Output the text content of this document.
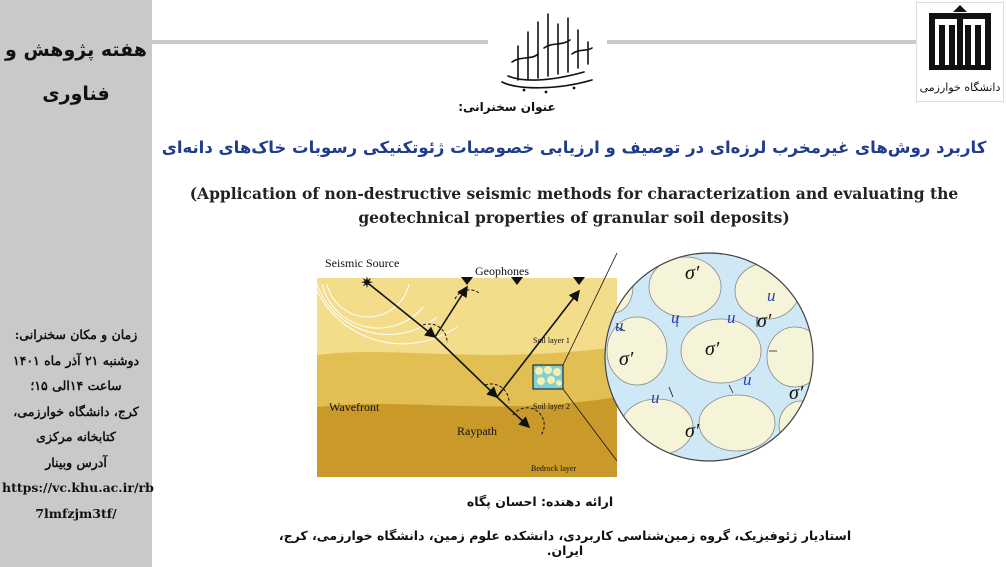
هفته پژوهش و فناوری
زمان و مکان سخنرانی:
دوشنبه ۲۱ آذر ماه ۱۴۰۱
ساعت ۱۴الی ۱۵؛
کرج، دانشگاه خوارزمی،
کتابخانه مرکزی
آدرس وبینار
https://vc.khu.ac.ir/rb
7lmfzjm3tf/
دانشگاه خوارزمی
عنوان سخنرانی:
کاربرد روش‌های غیرمخرب لرزه‌ای در توصیف و ارزیابی خصوصیات ژئوتکنیکی رسوبات خاک‌های دانه‌ای
(Application of non-destructive seismic methods for characterization and evaluating the
geotechnical properties of granular soil deposits)
✷
Seismic Source
Geophones
Soil layer 1
Soil layer 2
Wavefront
Raypath
Bedrock layer
σ′
σ′
σ′	σ′
σ′
σ′
u	u	u
u
u
u
ارائه دهنده: احسان پگاه
استادیار ژئوفیزیک، گروه زمین‌شناسی کاربردی، دانشکده علوم زمین، دانشگاه خوارزمی، کرج، ایران.
